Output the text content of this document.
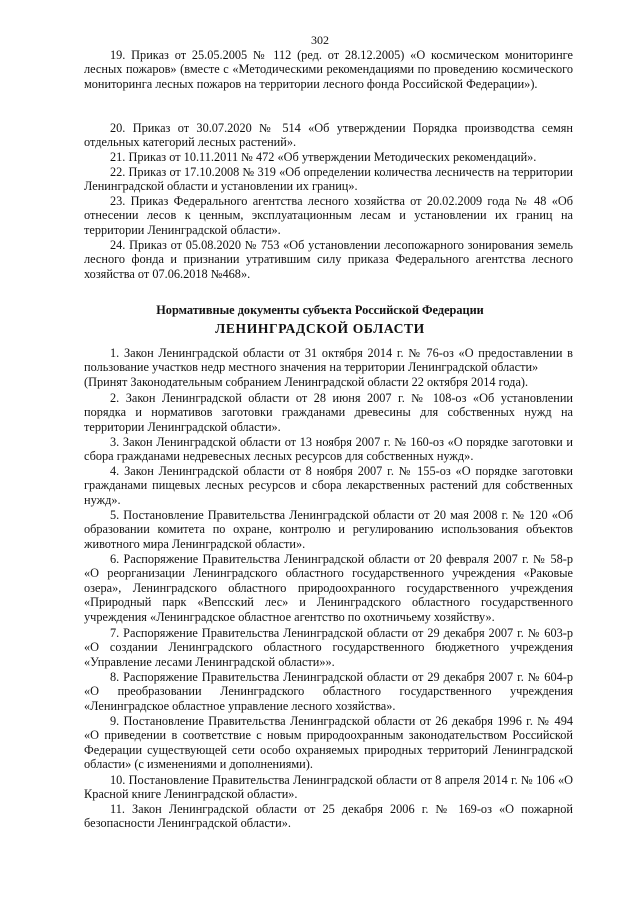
302

19. Приказ от 25.05.2005 № 112 (ред. от 28.12.2005) «О космическом мониторинге лесных пожаров» (вместе с «Методическими рекомендациями по проведению космического мониторинга лесных пожаров на территории лесного фонда Российской Федерации»).

20. Приказ от 30.07.2020 № 514 «Об утверждении Порядка производства семян отдельных категорий лесных растений».

21. Приказ от 10.11.2011 № 472 «Об утверждении Методических рекомендаций».

22. Приказ от 17.10.2008 № 319 «Об определении количества лесничеств на территории Ленинградской области и установлении их границ».

23. Приказ Федерального агентства лесного хозяйства от 20.02.2009 года № 48 «Об отнесении лесов к ценным, эксплуатационным лесам и установлении их границ на территории Ленинградской области».

24. Приказ от 05.08.2020 № 753 «Об установлении лесопожарного зонирования земель лесного фонда и признании утратившим силу приказа Федерального агентства лесного хозяйства от 07.06.2018 №468».

Нормативные документы субъекта Российской Федерации
ЛЕНИНГРАДСКОЙ ОБЛАСТИ

1. Закон Ленинградской области от 31 октября 2014 г. № 76-оз «О предоставлении в пользование участков недр местного значения на территории Ленинградской области»

(Принят Законодательным собранием Ленинградской области 22 октября 2014 года).

2. Закон Ленинградской области от 28 июня 2007 г. № 108-оз «Об установлении порядка и нормативов заготовки гражданами древесины для собственных нужд на территории Ленинградской области».

3. Закон Ленинградской области от 13 ноября 2007 г. № 160-оз «О порядке заготовки и сбора гражданами недревесных лесных ресурсов для собственных нужд».

4. Закон Ленинградской области от 8 ноября 2007 г. № 155-оз «О порядке заготовки гражданами пищевых лесных ресурсов и сбора лекарственных растений для собственных нужд».

5. Постановление Правительства Ленинградской области от 20 мая 2008 г. № 120 «Об образовании комитета по охране, контролю и регулированию использования объектов животного мира Ленинградской области».

6. Распоряжение Правительства Ленинградской области от 20 февраля 2007 г. № 58-р «О реорганизации Ленинградского областного государственного учреждения «Раковые озера», Ленинградского областного природоохранного государственного учреждения «Природный парк «Вепсский лес» и Ленинградского областного государственного учреждения «Ленинградское областное агентство по охотничьему хозяйству».

7. Распоряжение Правительства Ленинградской области от 29 декабря 2007 г. № 603-р «О создании Ленинградского областного государственного бюджетного учреждения «Управление лесами Ленинградской области»».

8. Распоряжение Правительства Ленинградской области от 29 декабря 2007 г. № 604-р «О преобразовании Ленинградского областного государственного учреждения «Ленинградское областное управление лесного хозяйства».

9. Постановление Правительства Ленинградской области от 26 декабря 1996 г. № 494 «О приведении в соответствие с новым природоохранным законодательством Российской Федерации существующей сети особо охраняемых природных территорий Ленинградской области» (с изменениями и дополнениями).

10. Постановление Правительства Ленинградской области от 8 апреля 2014 г. № 106 «О Красной книге Ленинградской области».

11. Закон Ленинградской области от 25 декабря 2006 г. № 169-оз «О пожарной безопасности Ленинградской области».
